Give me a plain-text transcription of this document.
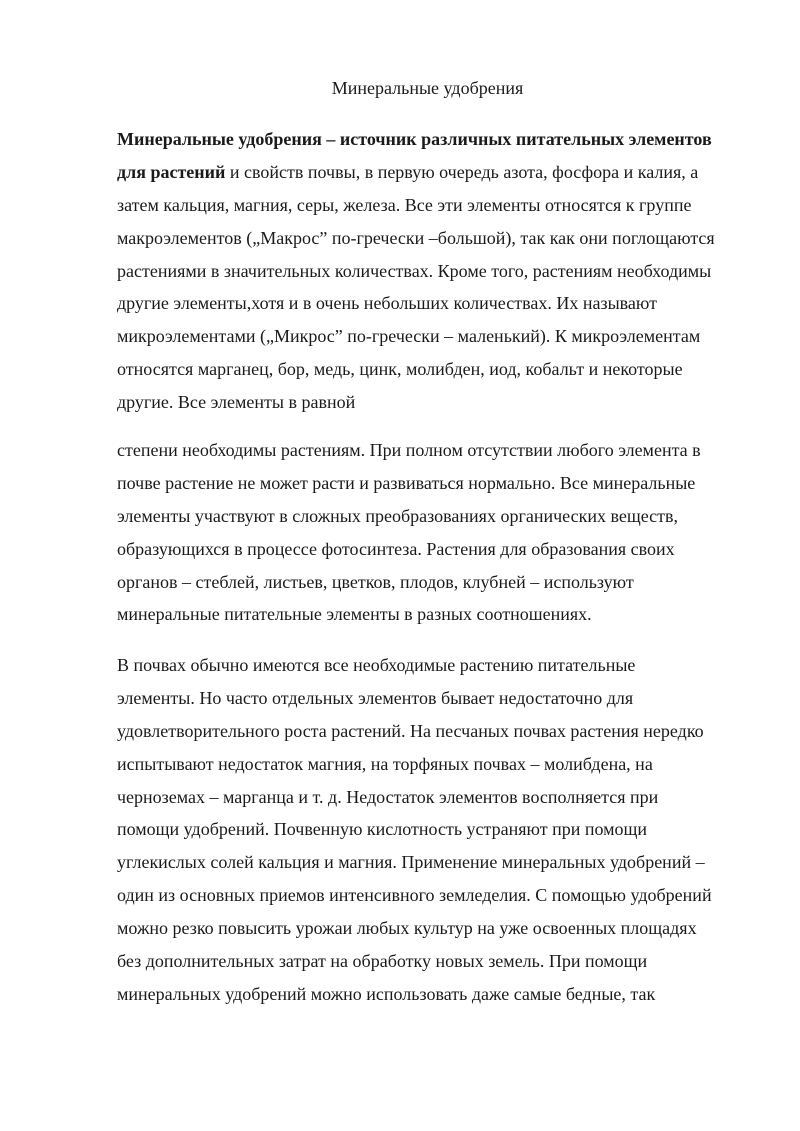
Минеральные удобрения
Минеральные удобрения – источник различных питательных элементов
для растений и свойств почвы, в первую очередь азота, фосфора и калия, а
затем кальция, магния, серы, железа. Все эти элементы относятся к группе
макроэлементов („Макрос” по-гречески –большой), так как они поглощаются
растениями в значительных количествах. Кроме того, растениям необходимы
другие элементы,хотя и в очень небольших количествах. Их называют
микроэлементами („Микрос” по-гречески – маленький). К микроэлементам
относятся марганец, бор, медь, цинк, молибден, иод, кобальт и некоторые
другие. Все элементы в равной
степени необходимы растениям. При полном отсутствии любого элемента в
почве растение не может расти и развиваться нормально. Все минеральные
элементы участвуют в сложных преобразованиях органических веществ,
образующихся в процессе фотосинтеза. Растения для образования своих
органов – стеблей, листьев, цветков, плодов, клубней – используют
минеральные питательные элементы в разных соотношениях.
В почвах обычно имеются все необходимые растению питательные
элементы. Но часто отдельных элементов бывает недостаточно для
удовлетворительного роста растений. На песчаных почвах растения нередко
испытывают недостаток магния, на торфяных почвах – молибдена, на
черноземах – марганца и т. д. Недостаток элементов восполняется при
помощи удобрений. Почвенную кислотность устраняют при помощи
углекислых солей кальция и магния. Применение минеральных удобрений –
один из основных приемов интенсивного земледелия. С помощью удобрений
можно резко повысить урожаи любых культур на уже освоенных площадях
без дополнительных затрат на обработку новых земель. При помощи
минеральных удобрений можно использовать даже самые бедные, так
